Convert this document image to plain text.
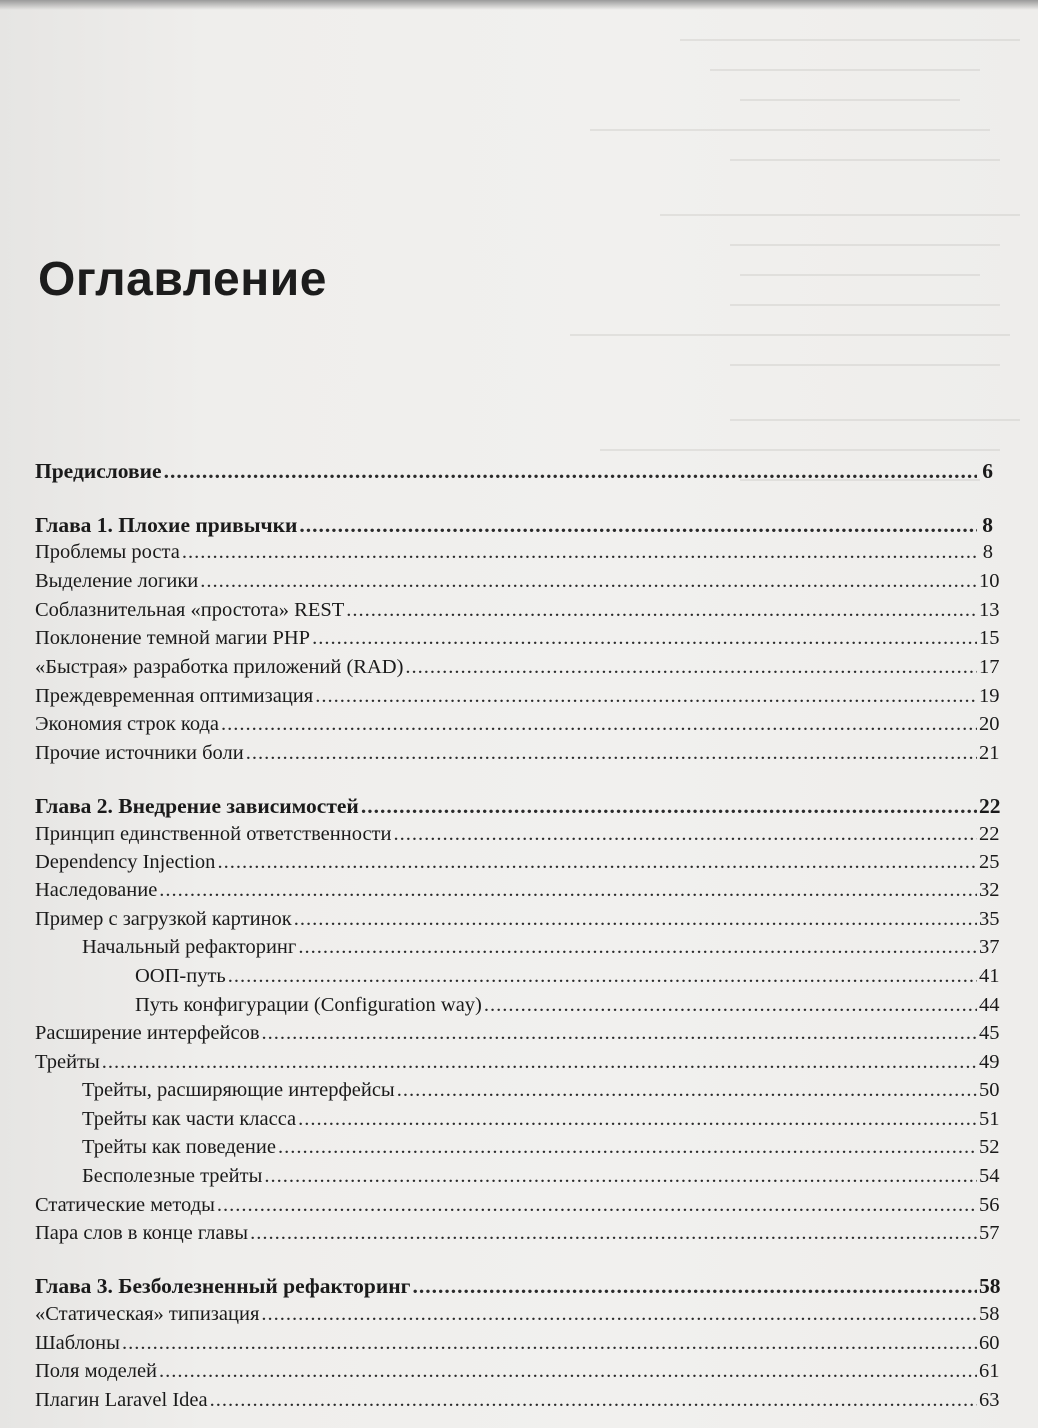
Оглавление
Предисловие .....	6
Глава 1. Плохие привычки .....	8
Проблемы роста .....	8
Выделение логики .....	10
Соблазнительная «простота» REST .....	13
Поклонение темной магии PHP .....	15
«Быстрая» разработка приложений (RAD) .....	17
Преждевременная оптимизация .....	19
Экономия строк кода .....	20
Прочие источники боли .....	21
Глава 2. Внедрение зависимостей .....	22
Принцип единственной ответственности .....	22
Dependency Injection .....	25
Наследование .....	32
Пример с загрузкой картинок .....	35
Начальный рефакторинг .....	37
ООП-путь .....	41
Путь конфигурации (Configuration way) .....	44
Расширение интерфейсов .....	45
Трейты .....	49
Трейты, расширяющие интерфейсы .....	50
Трейты как части класса .....	51
Трейты как поведение .....	52
Бесполезные трейты .....	54
Статические методы .....	56
Пара слов в конце главы .....	57
Глава 3. Безболезненный рефакторинг .....	58
«Статическая» типизация .....	58
Шаблоны .....	60
Поля моделей .....	61
Плагин Laravel Idea .....	63
